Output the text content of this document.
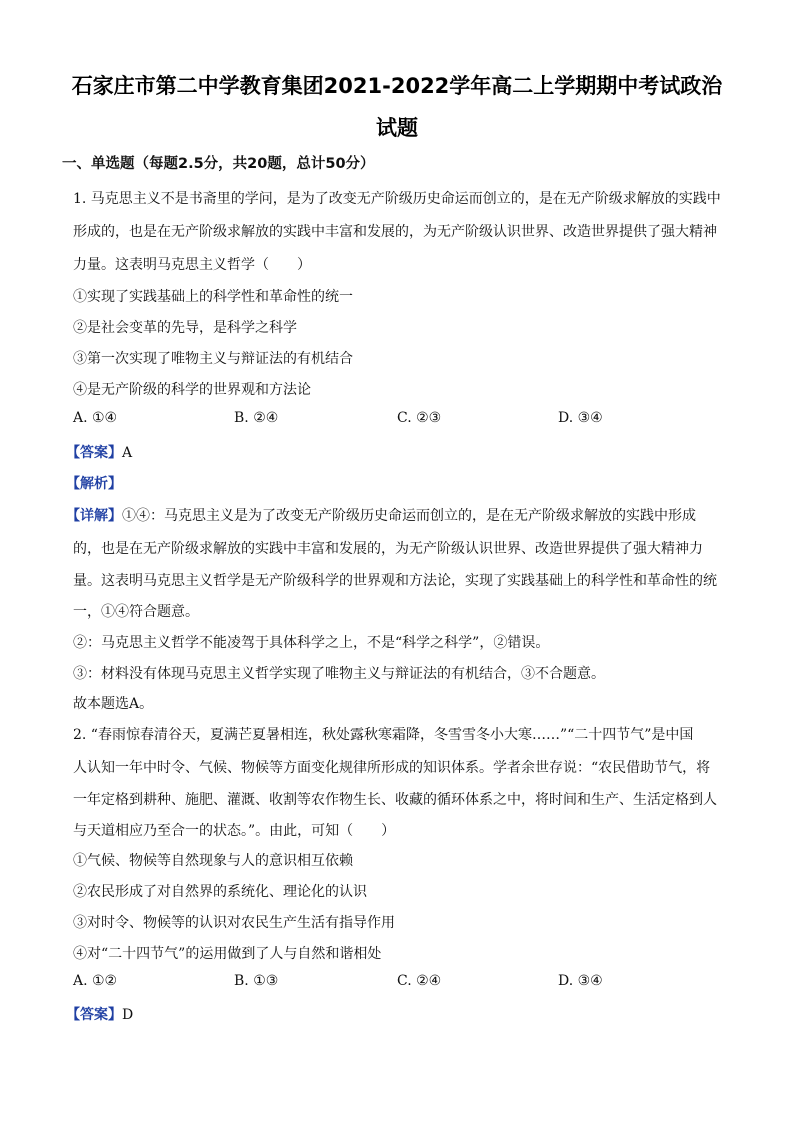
石家庄市第二中学教育集团2021-2022学年高二上学期期中考试政治
试题
一、单选题（每题2.5分，共20题，总计50分）
1. 马克思主义不是书斋里的学问，是为了改变无产阶级历史命运而创立的，是在无产阶级求解放的实践中
形成的，也是在无产阶级求解放的实践中丰富和发展的，为无产阶级认识世界、改造世界提供了强大精神
力量。这表明马克思主义哲学（　　）
①实现了实践基础上的科学性和革命性的统一
②是社会变革的先导，是科学之科学
③第一次实现了唯物主义与辩证法的有机结合
④是无产阶级的科学的世界观和方法论
A. ①④	B. ②④	C. ②③	D. ③④
【答案】A
【解析】
【详解】①④：马克思主义是为了改变无产阶级历史命运而创立的，是在无产阶级求解放的实践中形成
的，也是在无产阶级求解放的实践中丰富和发展的，为无产阶级认识世界、改造世界提供了强大精神力
量。这表明马克思主义哲学是无产阶级科学的世界观和方法论，实现了实践基础上的科学性和革命性的统
一，①④符合题意。
②：马克思主义哲学不能凌驾于具体科学之上，不是“科学之科学”，②错误。
③：材料没有体现马克思主义哲学实现了唯物主义与辩证法的有机结合，③不合题意。
故本题选A。
2. “春雨惊春清谷天，夏满芒夏暑相连，秋处露秋寒霜降，冬雪雪冬小大寒……”“二十四节气”是中国
人认知一年中时令、气候、物候等方面变化规律所形成的知识体系。学者余世存说：“农民借助节气，将
一年定格到耕种、施肥、灌溉、收割等农作物生长、收藏的循环体系之中，将时间和生产、生活定格到人
与天道相应乃至合一的状态。”。由此，可知（　　）
①气候、物候等自然现象与人的意识相互依赖
②农民形成了对自然界的系统化、理论化的认识
③对时令、物候等的认识对农民生产生活有指导作用
④对“二十四节气”的运用做到了人与自然和谐相处
A. ①②	B. ①③	C. ②④	D. ③④
【答案】D
